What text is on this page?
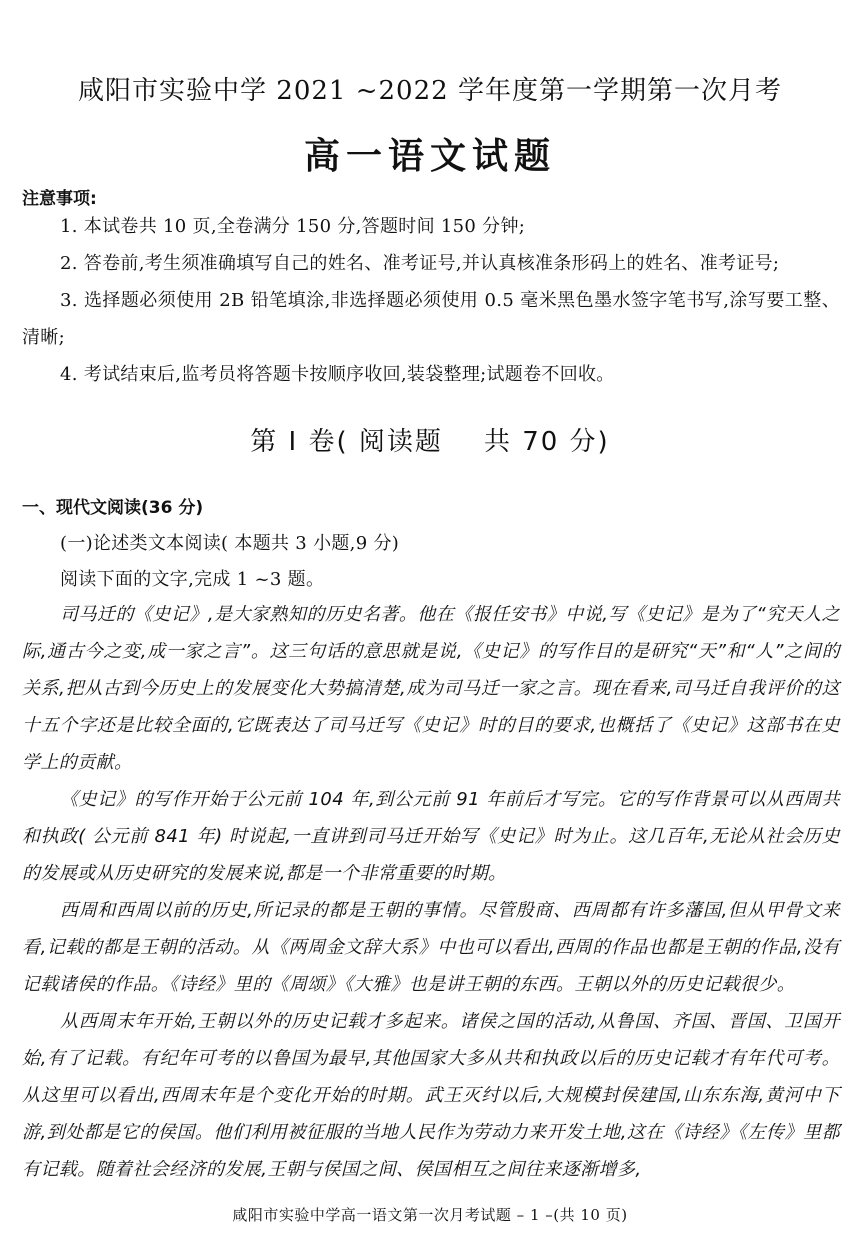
咸阳市实验中学 2021 ~2022 学年度第一学期第一次月考
高一语文试题
注意事项:
1. 本试卷共 10 页,全卷满分 150 分,答题时间 150 分钟;
2. 答卷前,考生须准确填写自己的姓名、准考证号,并认真核准条形码上的姓名、准考证号;
3. 选择题必须使用 2B 铅笔填涂,非选择题必须使用 0.5 毫米黑色墨水签字笔书写,涂写要工整、清晰;
4. 考试结束后,监考员将答题卡按顺序收回,装袋整理;试题卷不回收。
第 Ⅰ 卷( 阅读题    共 70 分)
一、现代文阅读(36 分)
(一)论述类文本阅读( 本题共 3 小题,9 分)
阅读下面的文字,完成 1 ~3 题。

司马迁的《史记》,是大家熟知的历史名著。他在《报任安书》中说,写《史记》是为了“究天人之际,通古今之变,成一家之言”。这三句话的意思就是说,《史记》的写作目的是研究“天”和“人”之间的关系,把从古到今历史上的发展变化大势搞清楚,成为司马迁一家之言。现在看来,司马迁自我评价的这十五个字还是比较全面的,它既表达了司马迁写《史记》时的目的要求,也概括了《史记》这部书在史学上的贡献。

《史记》的写作开始于公元前 104 年,到公元前 91 年前后才写完。它的写作背景可以从西周共和执政( 公元前 841 年) 时说起,一直讲到司马迁开始写《史记》时为止。这几百年,无论从社会历史的发展或从历史研究的发展来说,都是一个非常重要的时期。

西周和西周以前的历史,所记录的都是王朝的事情。尽管殷商、西周都有许多藩国,但从甲骨文来看,记载的都是王朝的活动。从《两周金文辞大系》中也可以看出,西周的作品也都是王朝的作品,没有记载诸侯的作品。《诗经》里的《周颂》《大雅》也是讲王朝的东西。王朝以外的历史记载很少。

从西周末年开始,王朝以外的历史记载才多起来。诸侯之国的活动,从鲁国、齐国、晋国、卫国开始,有了记载。有纪年可考的以鲁国为最早,其他国家大多从共和执政以后的历史记载才有年代可考。从这里可以看出,西周末年是个变化开始的时期。武王灭纣以后,大规模封侯建国,山东东海,黄河中下游,到处都是它的侯国。他们利用被征服的当地人民作为劳动力来开发土地,这在《诗经》《左传》里都有记载。随着社会经济的发展,王朝与侯国之间、侯国相互之间往来逐渐增多,

咸阳市实验中学高一语文第一次月考试题 – 1 –(共 10 页)
